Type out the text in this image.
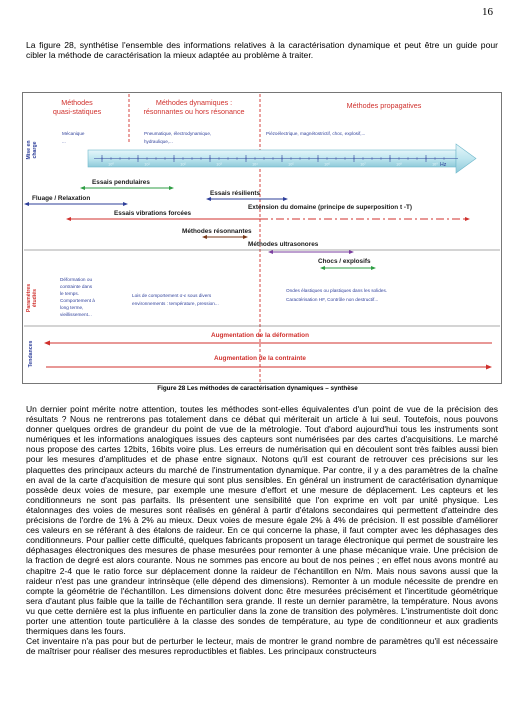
16
La figure 28, synthétise l'ensemble des informations relatives à la caractérisation dynamique et peut être un guide pour cibler la méthode de caractérisation la mieux adaptée au problème à traiter.
Méthodes
quasi-statiques
Méthodes dynamiques :
résonnantes ou hors résonance
Méthodes propagatives
Mise en charge
Mécanique
...
Pneumatique, électrodynamique,
hydraulique,...
Piézoélectrique, magnétostrictif, choc, explosif,...
10⁰	10¹	10²	10³	10⁴	10⁵	10⁶	10⁷	10⁸	10⁹ Hz
Essais pendulaires
Essais résilients
Fluage / Relaxation
Extension du domaine (principe de superposition t -T)
Essais vibrations forcées
Méthodes résonnantes
Méthodes ultrasonores
Chocs / explosifs
Paramètres étudiés
Déformation ou
contrainte dans
le temps.
Comportement à
long terme,
vieillissement...
Lois de comportement σ-ε sous divers
environnements : température, pression...
Ondes élastiques ou plastiques dans les solides.
Caractérisation HF, Contrôle non destructif...
Tendances
Augmentation de la déformation
Augmentation de la contrainte
Figure 28 Les méthodes de caractérisation dynamiques – synthèse

Un dernier point mérite notre attention, toutes les méthodes sont-elles équivalentes d'un point de vue de la précision des résultats ? Nous ne rentrerons pas totalement dans ce débat qui mériterait un article à lui seul. Toutefois, nous pouvons donner quelques ordres de grandeur du point de vue de la métrologie. Tout d'abord aujourd'hui tous les instruments sont numériques et les informations analogiques issues des capteurs sont numérisées par des cartes d'acquisitions. Le marché nous propose des cartes 12bits, 16bits voire plus. Les erreurs de numérisation qui en découlent sont très faibles aussi bien pour les mesures d'amplitudes et de phase entre signaux. Notons qu'il est courant de retrouver ces précisions sur les plaquettes des principaux acteurs du marché de l'instrumentation dynamique. Par contre, il y a des paramètres de la chaîne en aval de la carte d'acquisition de mesure qui sont plus sensibles. En général un instrument de caractérisation dynamique possède deux voies de mesure, par exemple une mesure d'effort et une mesure de déplacement. Les capteurs et les conditionneurs ne sont pas parfaits. Ils présentent une sensibilité que l'on exprime en volt par unité physique. Les étalonnages des voies de mesures sont réalisés en général à partir d'étalons secondaires qui permettent d'atteindre des précisions de l'ordre de 1% à 2% au mieux. Deux voies de mesure égale 2% à 4% de précision. Il est possible d'améliorer ces valeurs en se référant à des étalons de raideur. En ce qui concerne la phase, il faut compter avec les déphasages des conditionneurs. Pour pallier cette difficulté, quelques fabricants proposent un tarage électronique qui permet de soustraire les déphasages électroniques des mesures de phase mesurées pour remonter à une phase mécanique vraie. Une précision de la fraction de degré est alors courante. Nous ne sommes pas encore au bout de nos peines ; en effet nous avons montré au chapitre 2-4 que le ratio force sur déplacement donne la raideur de l'échantillon en N/m. Mais nous savons aussi que la raideur n'est pas une grandeur intrinsèque (elle dépend des dimensions). Remonter à un module nécessite de prendre en compte la géométrie de l'échantillon. Les dimensions doivent donc être mesurées précisément et l'incertitude géométrique sera d'autant plus faible que la taille de l'échantillon sera grande. Il reste un dernier paramètre, la température. Nous avons vu que cette dernière est la plus influente en particulier dans la zone de transition des polymères. L'instrumentiste doit donc porter une attention toute particulière à la classe des sondes de température, au type de conditionneur et aux gradients thermiques dans les fours.

Cet inventaire n'a pas pour but de perturber le lecteur, mais de montrer le grand nombre de paramètres qu'il est nécessaire de maîtriser pour réaliser des mesures reproductibles et fiables. Les principaux constructeurs
